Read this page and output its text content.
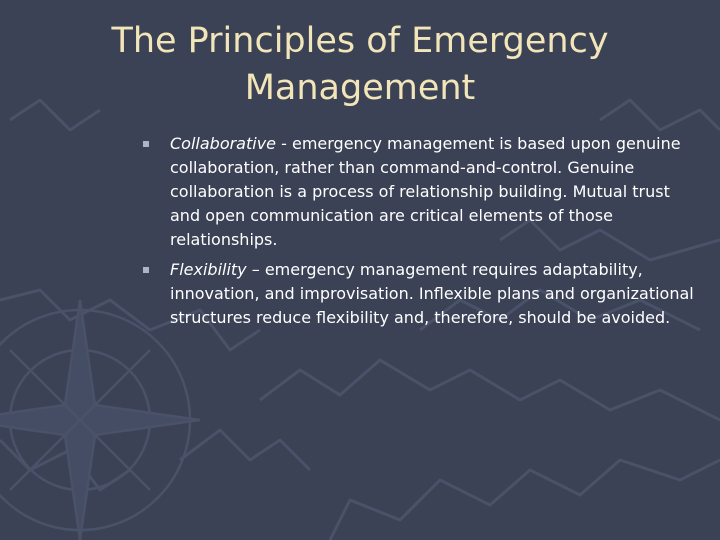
The Principles of Emergency
Management
Collaborative - emergency management is based upon genuine collaboration, rather than command-and-control. Genuine collaboration is a process of relationship building. Mutual trust and open communication are critical elements of those relationships.
Flexibility – emergency management requires adaptability, innovation, and improvisation. Inflexible plans and organizational structures reduce flexibility and, therefore, should be avoided.
